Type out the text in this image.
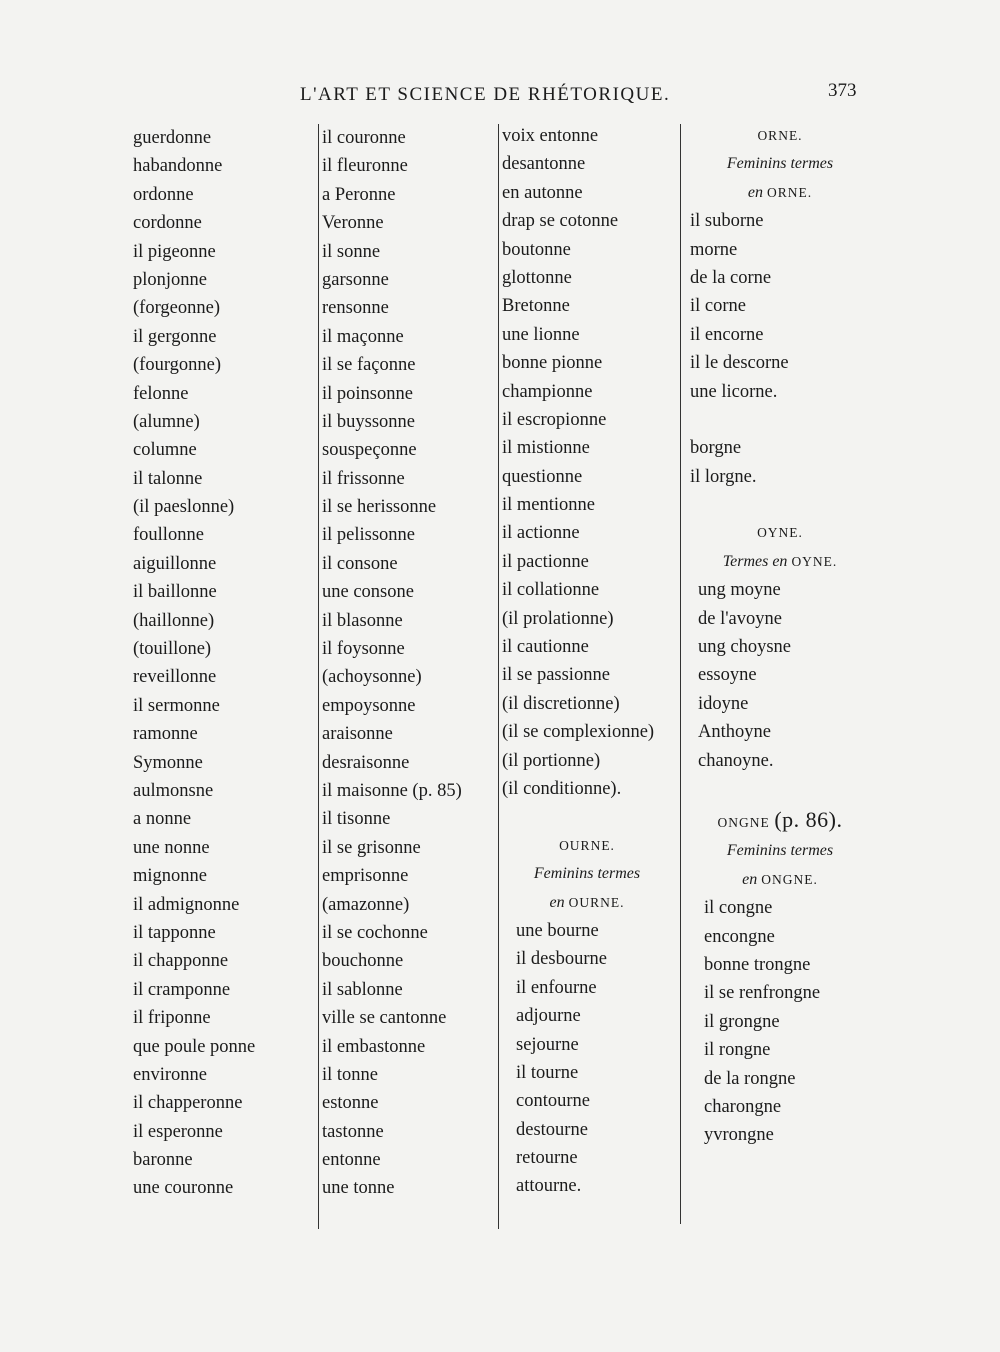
L'ART ET SCIENCE DE RHÉTORIQUE.	373
guerdonne
habandonne
ordonne
cordonne
il pigeonne
plonjonne
(forgeonne)
il gergonne
(fourgonne)
felonne
(alumne)
columne
il talonne
(il paeslonne)
foullonne
aiguillonne
il baillonne
(haillonne)
(touillone)
reveillonne
il sermonne
ramonne
Symonne
aulmonsne
a nonne
une nonne
mignonne
il admignonne
il tapponne
il chapponne
il cramponne
il friponne
que poule ponne
environne
il chapperonne
il esperonne
baronne
une couronne
il couronne
il fleuronne
a Peronne
Veronne
il sonne
garsonne
rensonne
il maçonne
il se façonne
il poinsonne
il buyssonne
souspeçonne
il frissonne
il se herissonne
il pelissonne
il consone
une consone
il blasonne
il foysonne
(achoysonne)
empoysonne
araisonne
desraisonne
il maisonne (p. 85)
il tisonne
il se grisonne
emprisonne
(amazonne)
il se cochonne
bouchonne
il sablonne
ville se cantonne
il embastonne
il tonne
estonne
tastonne
entonne
une tonne
voix entonne
desantonne
en autonne
drap se cotonne
boutonne
glottonne
Bretonne
une lionne
bonne pionne
championne
il escropionne
il mistionne
questionne
il mentionne
il actionne
il pactionne
il collationne
(il prolationne)
il cautionne
il se passionne
(il discretionne)
(il se complexionne)
(il portionne)
(il conditionne).
OURNE.
Feminins termes
en OURNE.
une bourne
il desbourne
il enfourne
adjourne
sejourne
il tourne
contourne
destourne
retourne
attourne.
ORNE.
Feminins termes
en ORNE.
il suborne
morne
de la corne
il corne
il encorne
il le descorne
une licorne.
borgne
il lorgne.
OYNE.
Termes en OYNE.
ung moyne
de l'avoyne
ung choysne
essoyne
idoyne
Anthoyne
chanoyne.
ONGNE (p. 86).
Feminins termes
en ONGNE.
il congne
encongne
bonne trongne
il se renfrongne
il grongne
il rongne
de la rongne
charongne
yvrongne
